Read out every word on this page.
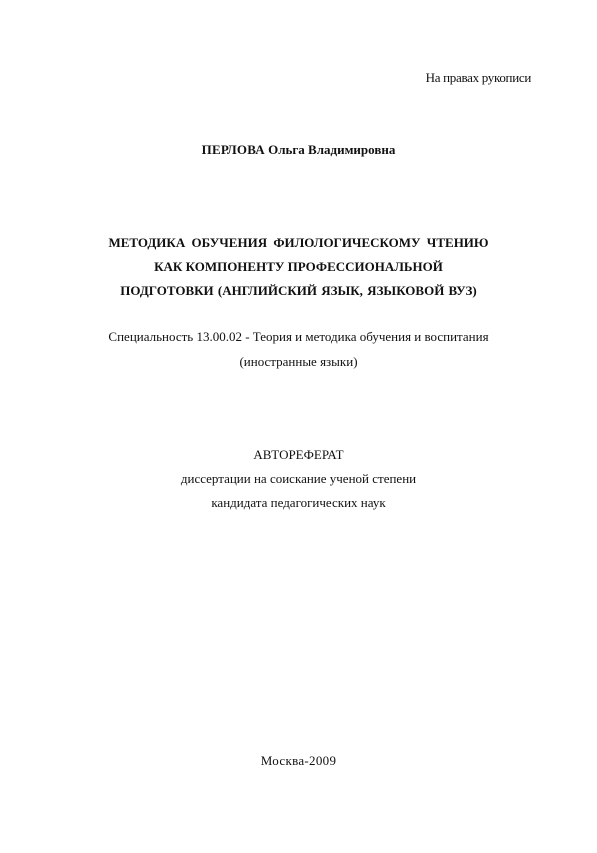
На правах рукописи
ПЕРЛОВА Ольга Владимировна
МЕТОДИКА ОБУЧЕНИЯ ФИЛОЛОГИЧЕСКОМУ ЧТЕНИЮ
КАК КОМПОНЕНТУ ПРОФЕССИОНАЛЬНОЙ
ПОДГОТОВКИ (АНГЛИЙСКИЙ ЯЗЫК, ЯЗЫКОВОЙ ВУЗ)
Специальность 13.00.02 - Теория и методика обучения и воспитания
(иностранные языки)
АВТОРЕФЕРАТ
диссертации на соискание ученой степени
кандидата педагогических наук
Москва-2009
